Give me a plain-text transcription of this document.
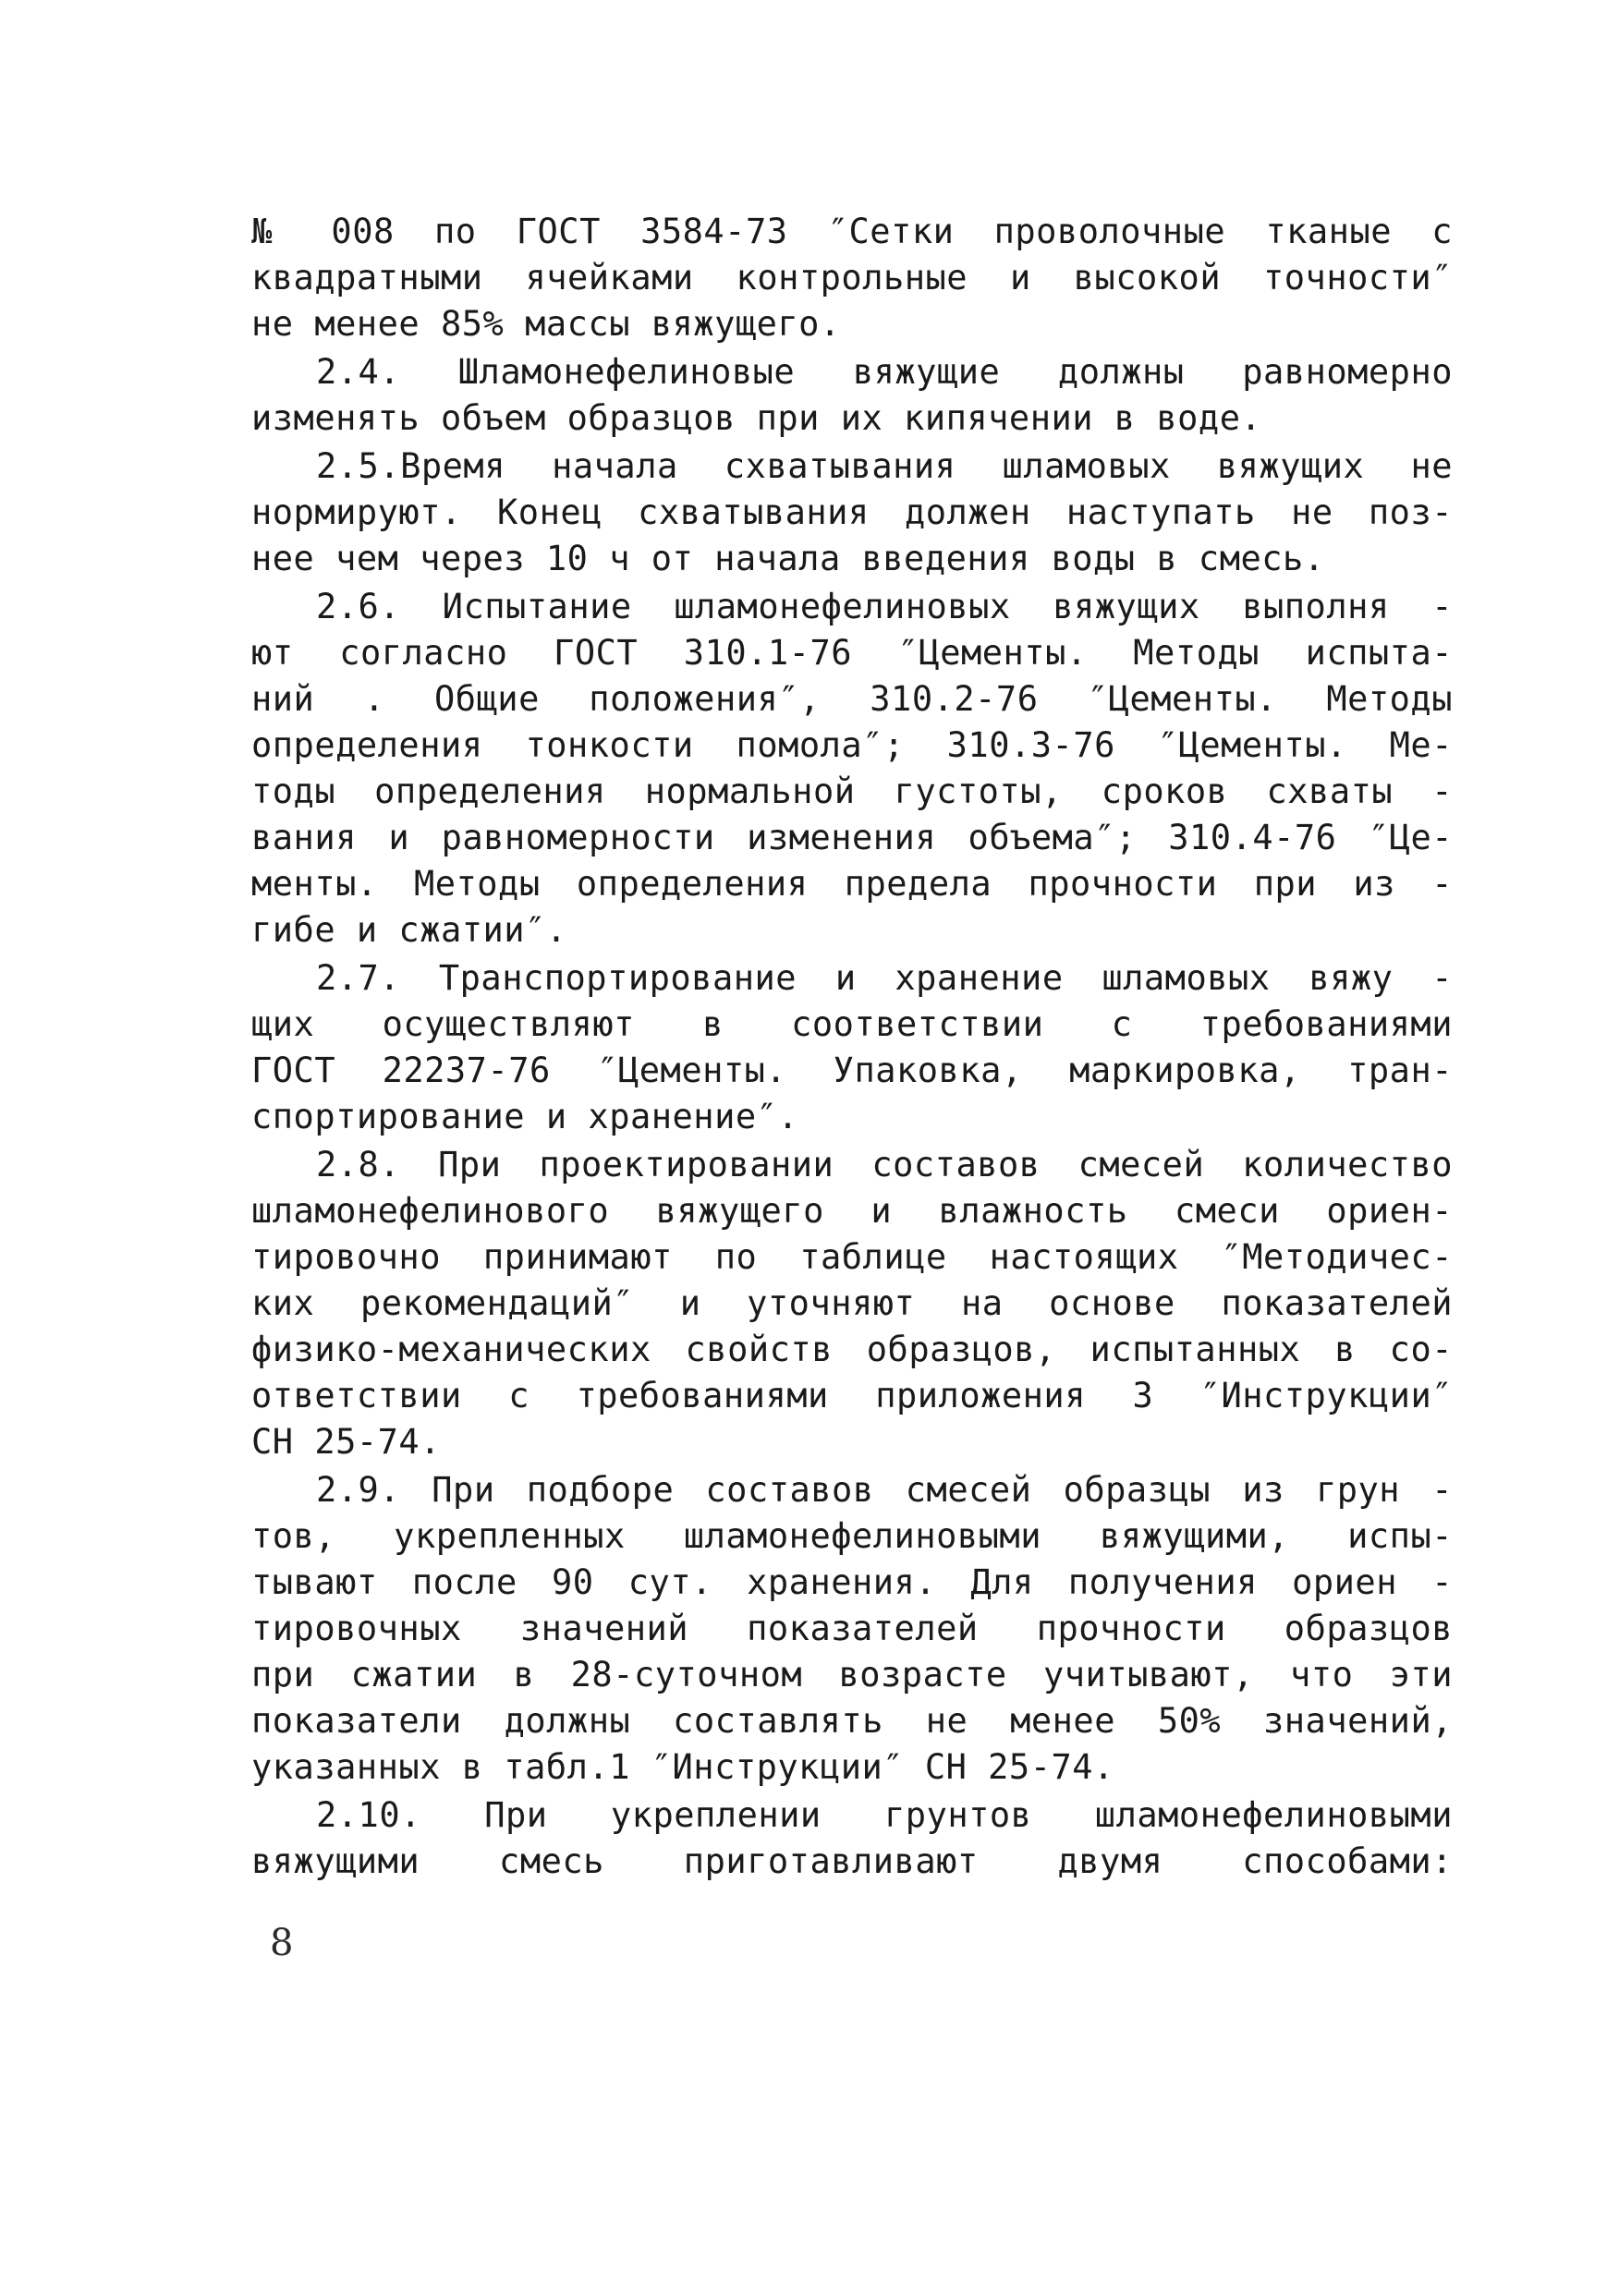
№ 008 по ГОСТ 3584-73 ″Сетки проволочные тканые с
квадратными ячейками контрольные и высокой точности″
не менее 85% массы вяжущего.
2.4. Шламонефелиновые вяжущие должны равномерно
изменять объем образцов при их кипячении в воде.
2.5.Время начала схватывания шламовых вяжущих не
нормируют. Конец схватывания должен наступать не поз-
нее чем через 10 ч от начала введения воды в смесь.
2.6. Испытание шламонефелиновых вяжущих выполня -
ют согласно ГОСТ 310.1-76 ″Цементы. Методы испыта-
ний . Общие положения″, 310.2-76 ″Цементы. Методы
определения тонкости помола″; 310.3-76 ″Цементы. Ме-
тоды определения нормальной густоты, сроков схваты -
вания и равномерности изменения объема″; 310.4-76 ″Це-
менты. Методы определения предела прочности при из -
гибе и сжатии″.
2.7. Транспортирование и хранение шламовых вяжу -
щих осуществляют в соответствии с требованиями
ГОСТ 22237-76 ″Цементы. Упаковка, маркировка, тран-
спортирование и хранение″.
2.8. При проектировании составов смесей количество
шламонефелинового вяжущего и влажность смеси ориен-
тировочно принимают по таблице настоящих ″Методичес-
ких рекомендаций″ и уточняют на основе показателей
физико-механических свойств образцов, испытанных в со-
ответствии с требованиями приложения 3 ″Инструкции″
СН 25-74.
2.9. При подборе составов смесей образцы из грун -
тов, укрепленных шламонефелиновыми вяжущими, испы-
тывают после 90 сут. хранения. Для получения ориен -
тировочных значений показателей прочности образцов
при сжатии в 28-суточном возрасте учитывают, что эти
показатели должны составлять не менее 50% значений,
указанных в табл.1 ″Инструкции″ СН 25-74.
2.10. При укреплении грунтов шламонефелиновыми
вяжущими смесь приготавливают двумя способами:
8
